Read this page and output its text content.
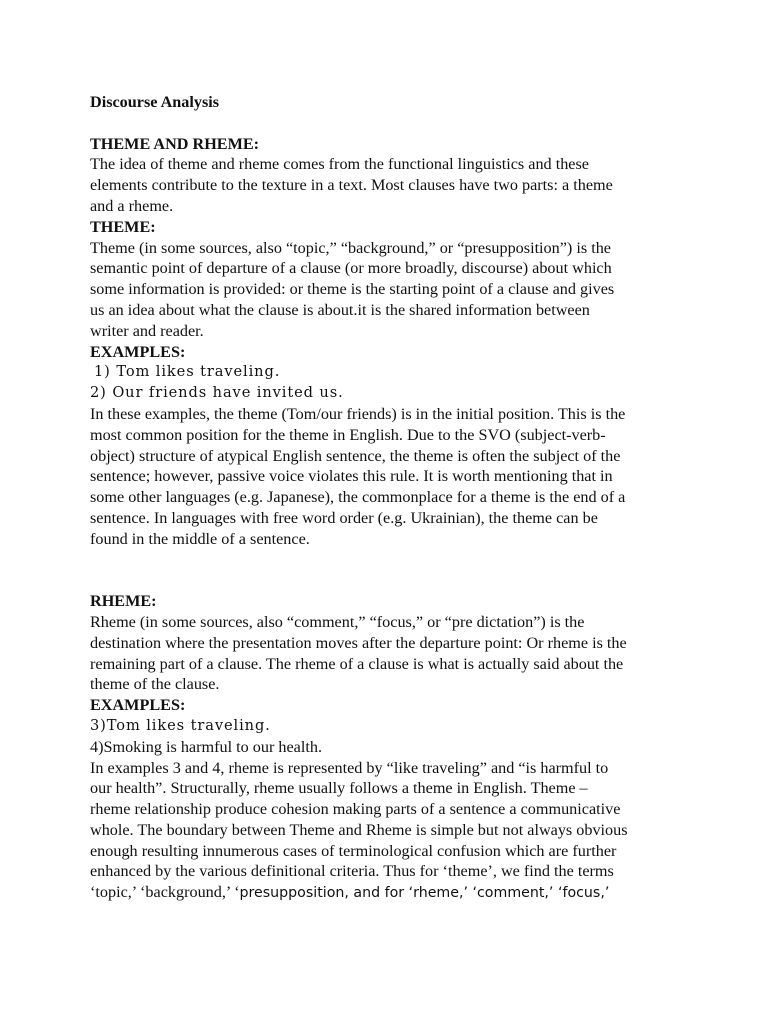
Discourse Analysis

THEME AND RHEME:

The idea of theme and rheme comes from the functional linguistics and these

elements contribute to the texture in a text. Most clauses have two parts: a theme

and a rheme.

THEME:

Theme (in some sources, also “topic,” “background,” or “presupposition”) is the

semantic point of departure of a clause (or more broadly, discourse) about which

some information is provided: or theme is the starting point of a clause and gives

us an idea about what the clause is about.it is the shared information between

writer and reader.

EXAMPLES:

1) Tom likes traveling.

2) Our friends have invited us.

In these examples, the theme (Tom/our friends) is in the initial position. This is the

most common position for the theme in English. Due to the SVO (subject-verb-

object) structure of atypical English sentence, the theme is often the subject of the

sentence; however, passive voice violates this rule. It is worth mentioning that in

some other languages (e.g. Japanese), the commonplace for a theme is the end of a

sentence. In languages with free word order (e.g. Ukrainian), the theme can be

found in the middle of a sentence.

RHEME:

Rheme (in some sources, also “comment,” “focus,” or “pre dictation”) is the

destination where the presentation moves after the departure point: Or rheme is the

remaining part of a clause. The rheme of a clause is what is actually said about the

theme of the clause.

EXAMPLES:

3)Tom likes traveling.

4)Smoking is harmful to our health.

In examples 3 and 4, rheme is represented by “like traveling” and “is harmful to

our health”. Structurally, rheme usually follows a theme in English. Theme –

rheme relationship produce cohesion making parts of a sentence a communicative

whole. The boundary between Theme and Rheme is simple but not always obvious

enough resulting innumerous cases of terminological confusion which are further

enhanced by the various definitional criteria. Thus for ‘theme’, we find the terms

‘topic,’ ‘background,’ ‘presupposition, and for ‘rheme,’ ‘comment,’ ‘focus,’
